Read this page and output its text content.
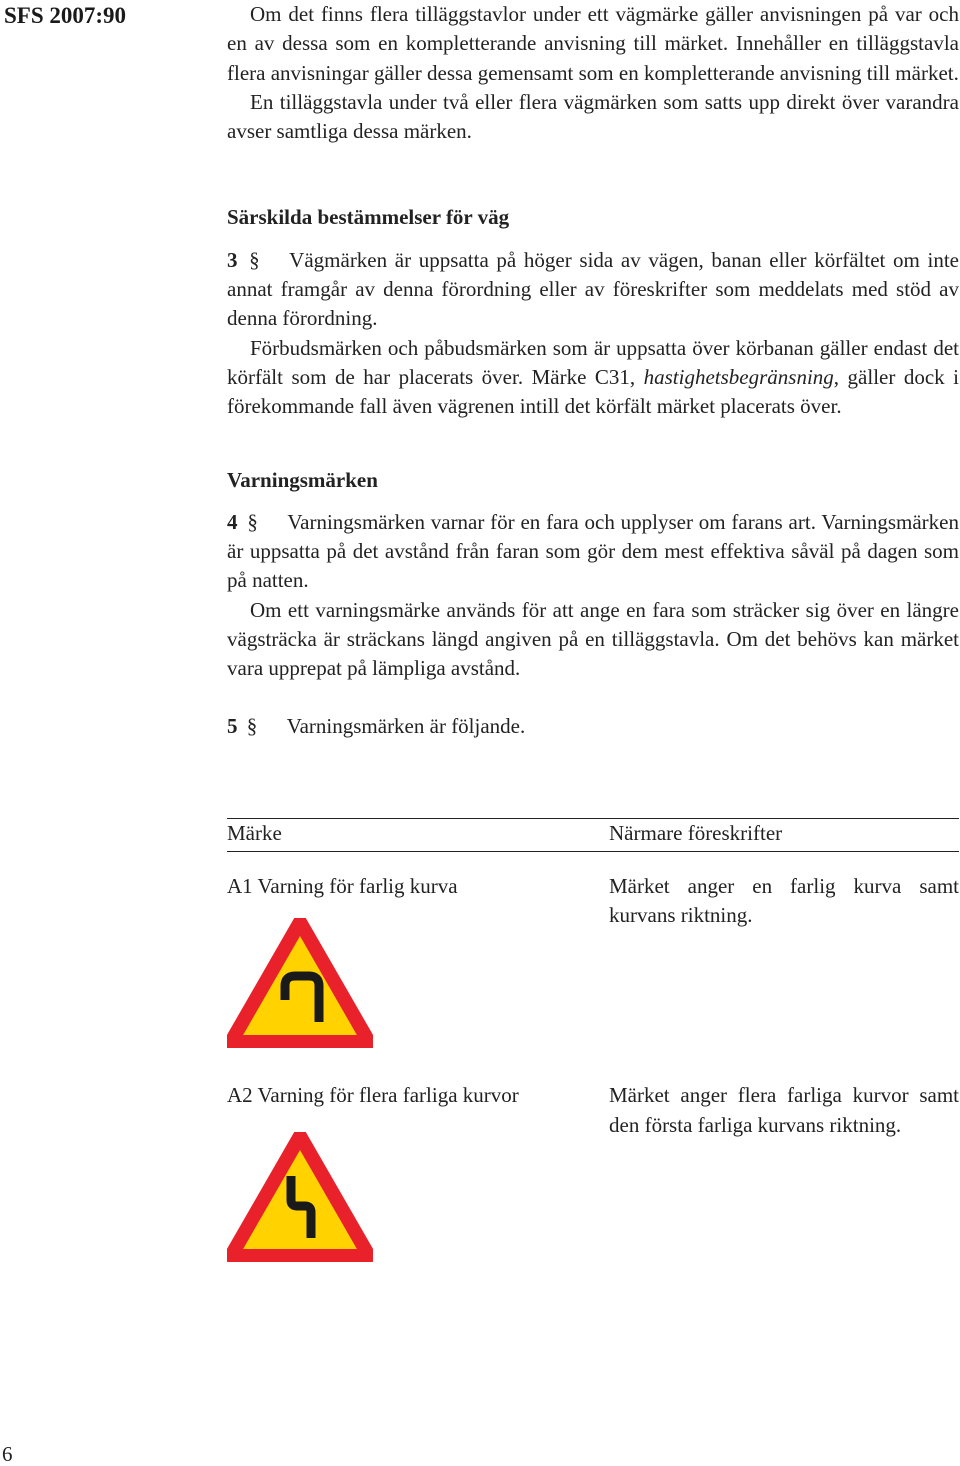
SFS 2007:90	Om det finns flera tilläggstavlor under ett vägmärke gäller anvisningen på var och en av dessa som en kompletterande anvisning till märket. Innehåller en tilläggstavla flera anvisningar gäller dessa gemensamt som en kompletterande anvisning till märket.

En tilläggstavla under två eller flera vägmärken som satts upp direkt över varandra avser samtliga dessa märken.

Särskilda bestämmelser för väg

3 § Vägmärken är uppsatta på höger sida av vägen, banan eller körfältet om inte annat framgår av denna förordning eller av föreskrifter som meddelats med stöd av denna förordning.

Förbudsmärken och påbudsmärken som är uppsatta över körbanan gäller endast det körfält som de har placerats över. Märke C31, hastighetsbegränsning, gäller dock i förekommande fall även vägrenen intill det körfält märket placerats över.

Varningsmärken

4 § Varningsmärken varnar för en fara och upplyser om farans art. Varningsmärken är uppsatta på det avstånd från faran som gör dem mest effektiva såväl på dagen som på natten.

Om ett varningsmärke används för att ange en fara som sträcker sig över en längre vägsträcka är sträckans längd angiven på en tilläggstavla. Om det behövs kan märket vara upprepat på lämpliga avstånd.

5 § Varningsmärken är följande.

Märke	Närmare föreskrifter

A1 Varning för farlig kurva	Märket anger en farlig kurva samt kurvans riktning.

A2 Varning för flera farliga kurvor	Märket anger flera farliga kurvor samt den första farliga kurvans riktning.
6
